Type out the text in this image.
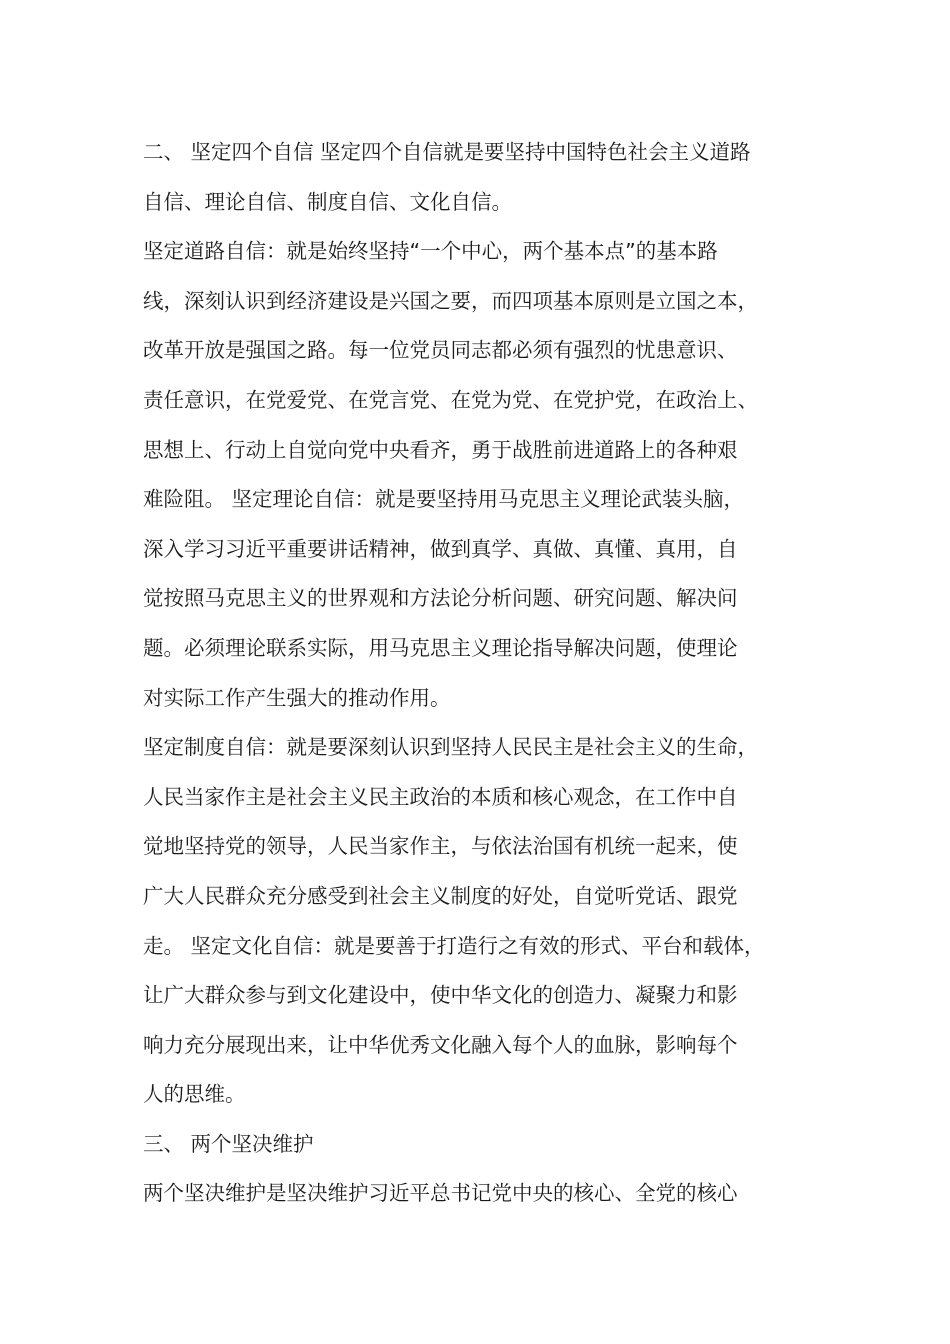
二、 坚定四个自信 坚定四个自信就是要坚持中国特色社会主义道路
自信、理论自信、制度自信、文化自信。
坚定道路自信：就是始终坚持“一个中心，两个基本点”的基本路
线，深刻认识到经济建设是兴国之要，而四项基本原则是立国之本，
改革开放是强国之路。每一位党员同志都必须有强烈的忧患意识、
责任意识，在党爱党、在党言党、在党为党、在党护党，在政治上、
思想上、行动上自觉向党中央看齐，勇于战胜前进道路上的各种艰
难险阻。 坚定理论自信：就是要坚持用马克思主义理论武装头脑，
深入学习习近平重要讲话精神，做到真学、真做、真懂、真用，自
觉按照马克思主义的世界观和方法论分析问题、研究问题、解决问
题。必须理论联系实际，用马克思主义理论指导解决问题，使理论
对实际工作产生强大的推动作用。
坚定制度自信：就是要深刻认识到坚持人民民主是社会主义的生命，
人民当家作主是社会主义民主政治的本质和核心观念，在工作中自
觉地坚持党的领导，人民当家作主，与依法治国有机统一起来，使
广大人民群众充分感受到社会主义制度的好处，自觉听党话、跟党
走。 坚定文化自信：就是要善于打造行之有效的形式、平台和载体，
让广大群众参与到文化建设中，使中华文化的创造力、凝聚力和影
响力充分展现出来，让中华优秀文化融入每个人的血脉，影响每个
人的思维。
三、 两个坚决维护
两个坚决维护是坚决维护习近平总书记党中央的核心、全党的核心
